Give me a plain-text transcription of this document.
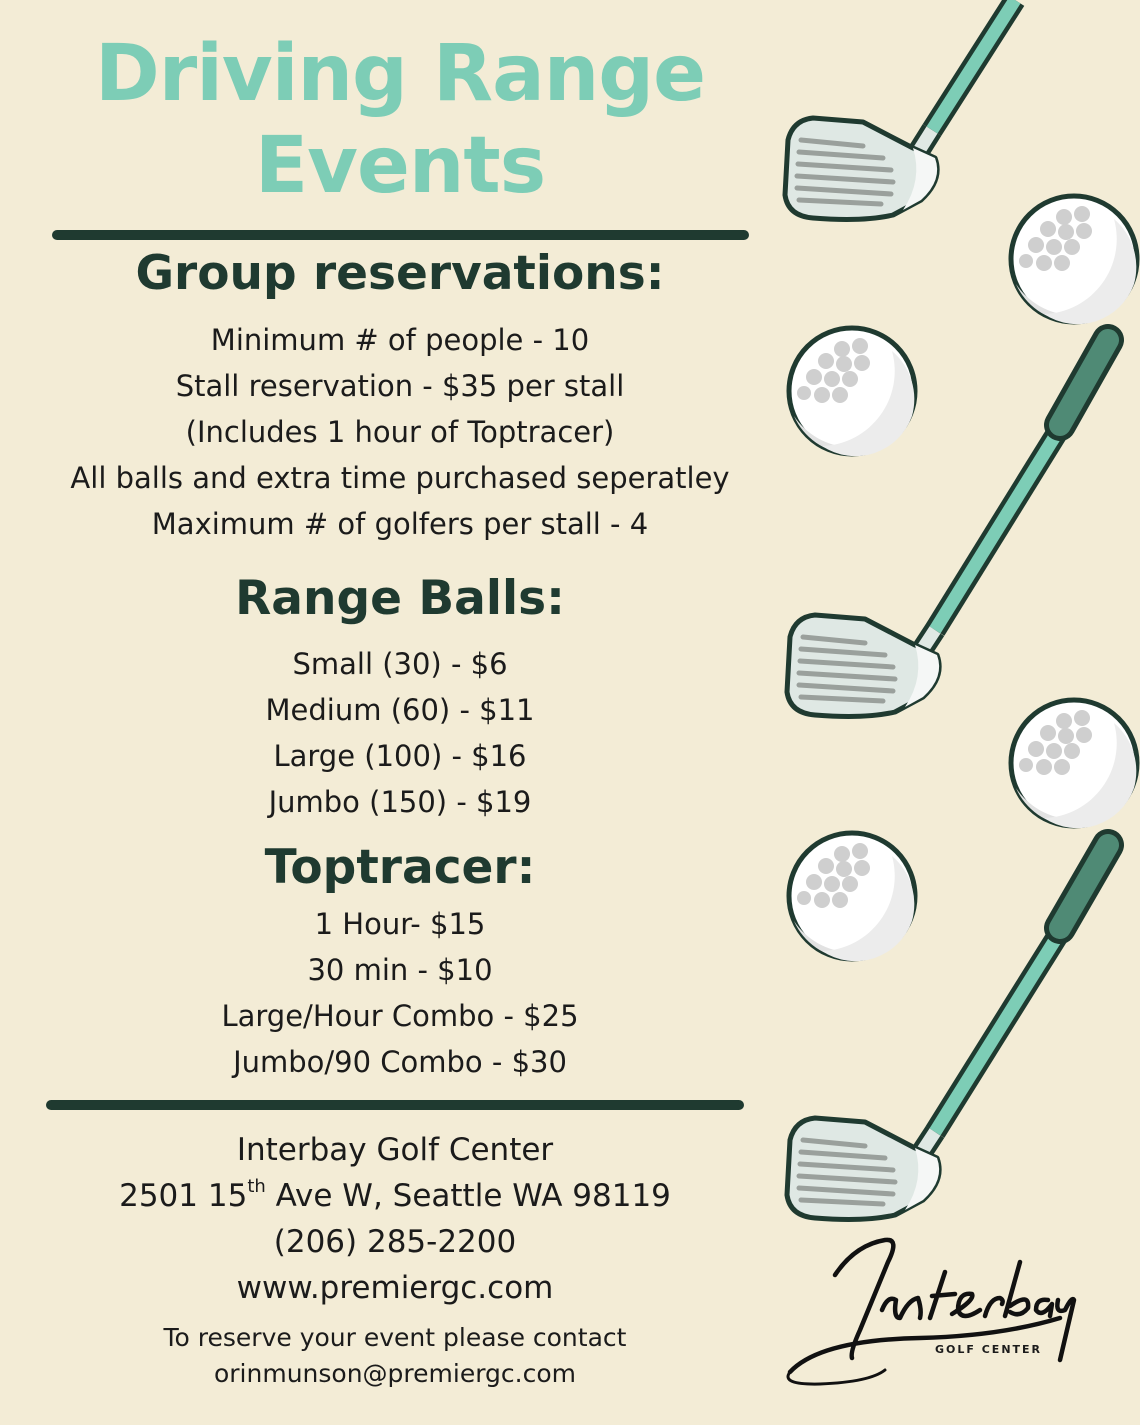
Driving Range
Events
Group reservations:
Minimum # of people - 10
Stall reservation - $35 per stall
(Includes 1 hour of Toptracer)
All balls and extra time purchased seperatley
Maximum # of golfers per stall - 4
Range Balls:
Small (30) - $6
Medium (60) - $11
Large (100) - $16
Jumbo (150) - $19
Toptracer:
1 Hour- $15
30 min - $10
Large/Hour Combo - $25
Jumbo/90 Combo - $30
Interbay Golf Center
2501 15th Ave W, Seattle WA 98119
(206) 285-2200
www.premiergc.com
To reserve your event please contact
orinmunson@premiergc.com
GOLF CENTER
